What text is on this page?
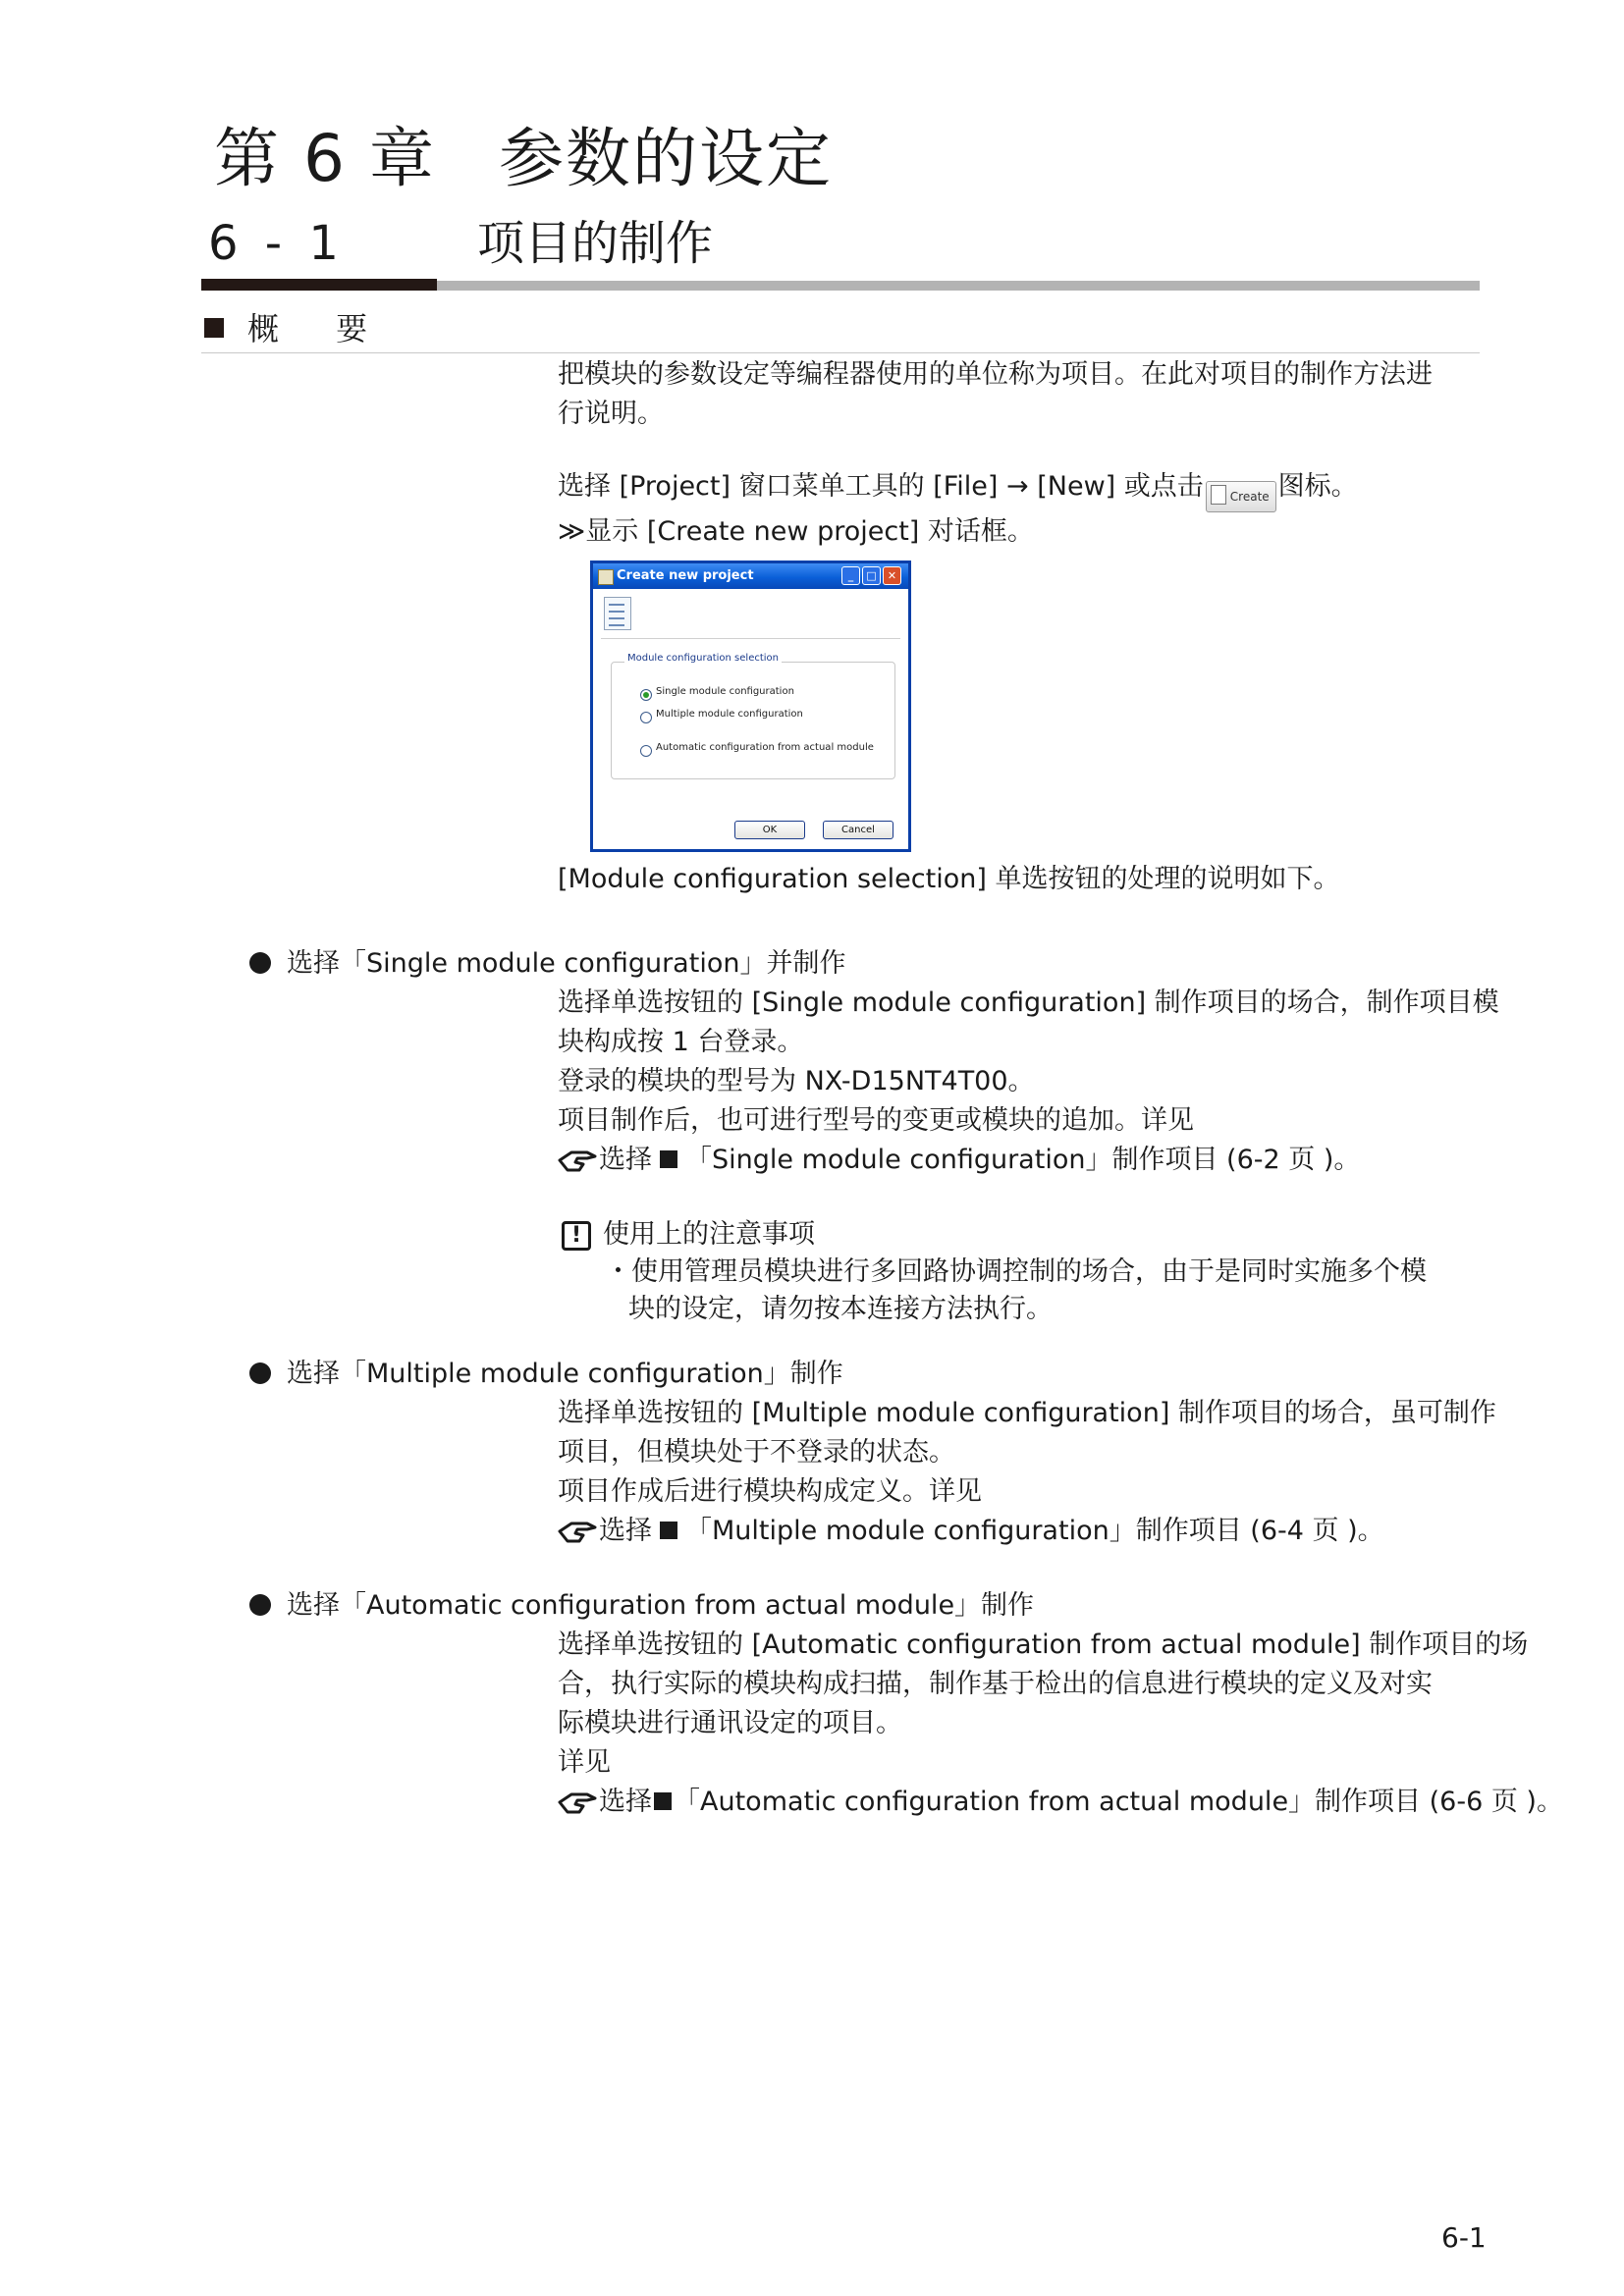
第 6 章 参数的设定
6 - 1	项目的制作
概 要
把模块的参数设定等编程器使用的单位称为项目。在此对项目的制作方法进
行说明。
选择 [Project] 窗口菜单工具的 [File] → [New] 或点击 Create 图标。
≫显示 [Create new project] 对话框。
Create new project	_	□	✕
Module configuration selection
Single module configuration
Multiple module configuration
Automatic configuration from actual module
OK	Cancel
[Module configuration selection] 单选按钮的处理的说明如下。
选择「Single module configuration」并制作
选择单选按钮的 [Single module configuration] 制作项目的场合，制作项目模
块构成按 1 台登录。
登录的模块的型号为 NX-D15NT4T00。
项目制作后，也可进行型号的变更或模块的追加。详见
选择 「Single module configuration」制作项目 (6-2 页 )。
! 使用上的注意事项
・使用管理员模块进行多回路协调控制的场合，由于是同时实施多个模
块的设定，请勿按本连接方法执行。
选择「Multiple module configuration」制作
选择单选按钮的 [Multiple module configuration] 制作项目的场合，虽可制作
项目，但模块处于不登录的状态。
项目作成后进行模块构成定义。详见
选择 「Multiple module configuration」制作项目 (6-4 页 )。
选择「Automatic configuration from actual module」制作
选择单选按钮的 [Automatic configuration from actual module] 制作项目的场
合，执行实际的模块构成扫描，制作基于检出的信息进行模块的定义及对实
际模块进行通讯设定的项目。
详见
选择 「Automatic configuration from actual module」制作项目 (6-6 页 )。
6-1
